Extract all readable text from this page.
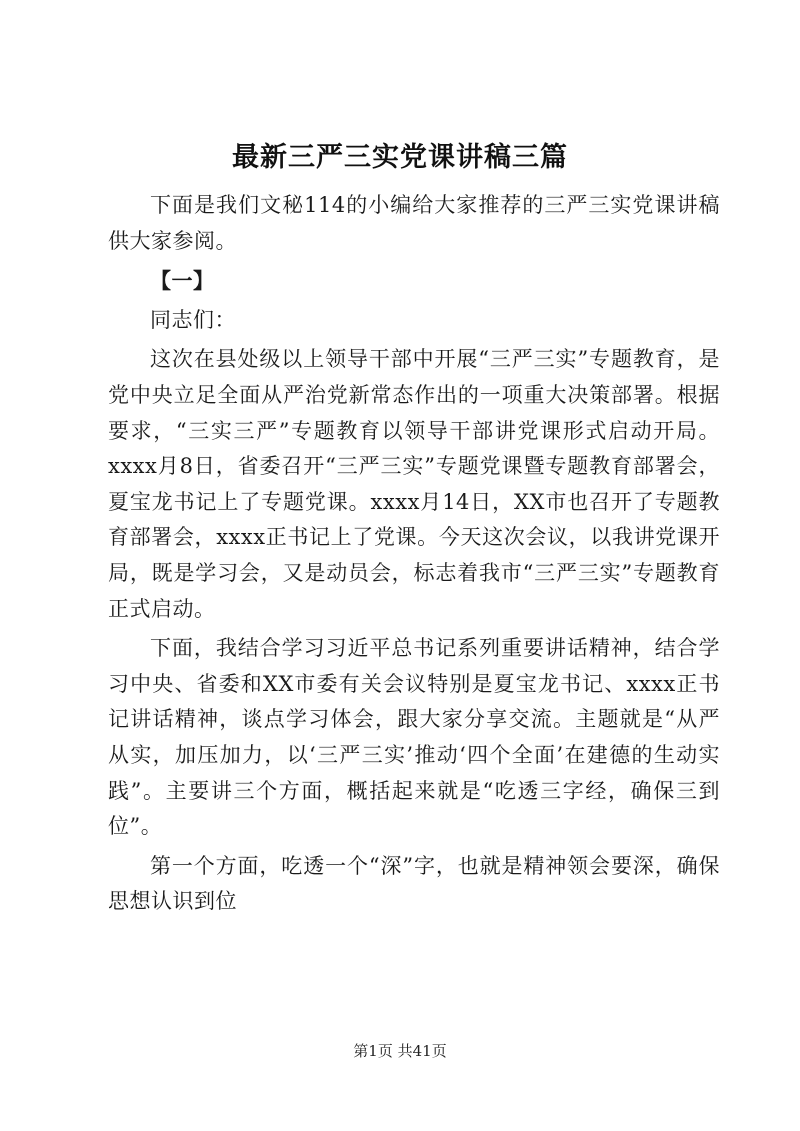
最新三严三实党课讲稿三篇

下面是我们文秘114的小编给大家推荐的三严三实党课讲稿供大家参阅。

【一】

同志们：

这次在县处级以上领导干部中开展“三严三实”专题教育，是党中央立足全面从严治党新常态作出的一项重大决策部署。根据要求，“三实三严”专题教育以领导干部讲党课形式启动开局。xxxx月8日，省委召开“三严三实”专题党课暨专题教育部署会，夏宝龙书记上了专题党课。xxxx月14日，XX市也召开了专题教育部署会，xxxx正书记上了党课。今天这次会议，以我讲党课开局，既是学习会，又是动员会，标志着我市“三严三实”专题教育正式启动。

下面，我结合学习习近平总书记系列重要讲话精神，结合学习中央、省委和XX市委有关会议特别是夏宝龙书记、xxxx正书记讲话精神，谈点学习体会，跟大家分享交流。主题就是“从严从实，加压加力，以‘三严三实’推动‘四个全面’在建德的生动实践”。主要讲三个方面，概括起来就是“吃透三字经，确保三到位”。

第一个方面，吃透一个“深”字，也就是精神领会要深，确保思想认识到位

第1页 共41页
